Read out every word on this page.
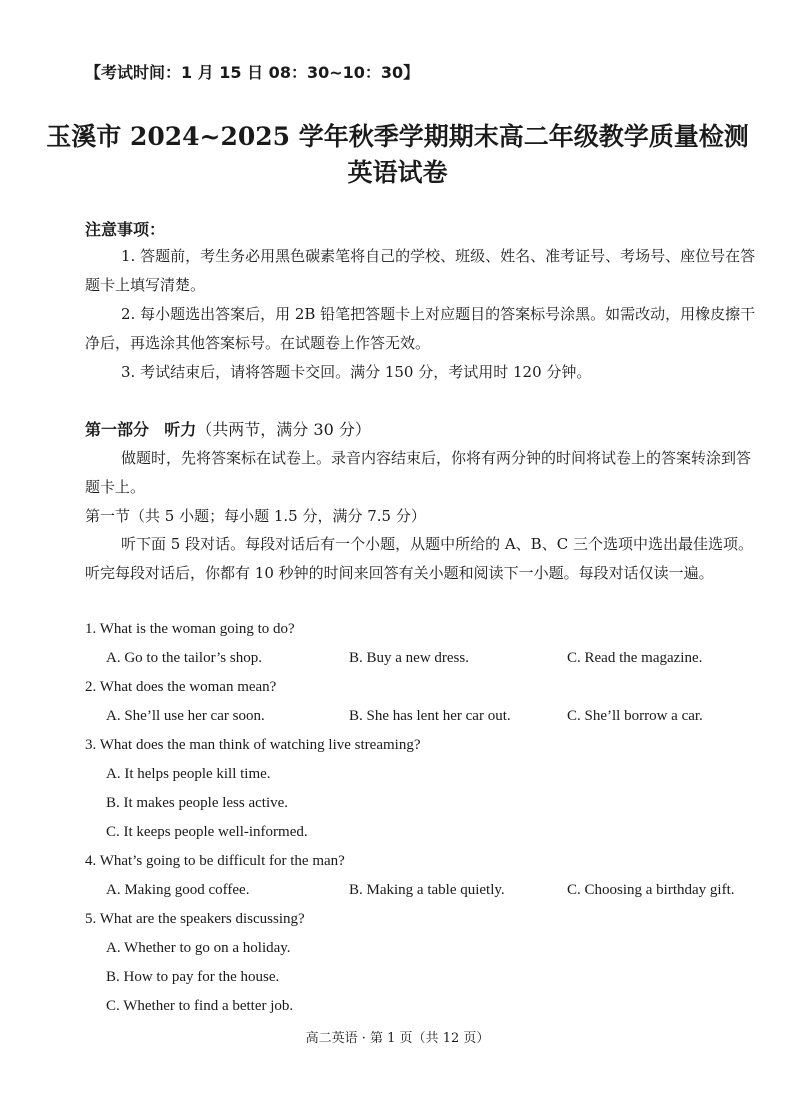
【考试时间：1 月 15 日 08：30~10：30】
玉溪市 2024~2025 学年秋季学期期末高二年级教学质量检测
英语试卷
注意事项：
1. 答题前，考生务必用黑色碳素笔将自己的学校、班级、姓名、准考证号、考场号、座位号在答题卡上填写清楚。
2. 每小题选出答案后，用 2B 铅笔把答题卡上对应题目的答案标号涂黑。如需改动，用橡皮擦干净后，再选涂其他答案标号。在试题卷上作答无效。
3. 考试结束后，请将答题卡交回。满分 150 分，考试用时 120 分钟。
第一部分 听力（共两节，满分 30 分）
做题时，先将答案标在试卷上。录音内容结束后，你将有两分钟的时间将试卷上的答案转涂到答题卡上。
第一节（共 5 小题；每小题 1.5 分，满分 7.5 分）
听下面 5 段对话。每段对话后有一个小题，从题中所给的 A、B、C 三个选项中选出最佳选项。听完每段对话后，你都有 10 秒钟的时间来回答有关小题和阅读下一小题。每段对话仅读一遍。
1. What is the woman going to do?
A. Go to the tailor’s shop.	B. Buy a new dress.	C. Read the magazine.
2. What does the woman mean?
A. She’ll use her car soon.	B. She has lent her car out.	C. She’ll borrow a car.
3. What does the man think of watching live streaming?
A. It helps people kill time.
B. It makes people less active.
C. It keeps people well-informed.
4. What’s going to be difficult for the man?
A. Making good coffee.	B. Making a table quietly.	C. Choosing a birthday gift.
5. What are the speakers discussing?
A. Whether to go on a holiday.
B. How to pay for the house.
C. Whether to find a better job.
高二英语 · 第 1 页（共 12 页）
